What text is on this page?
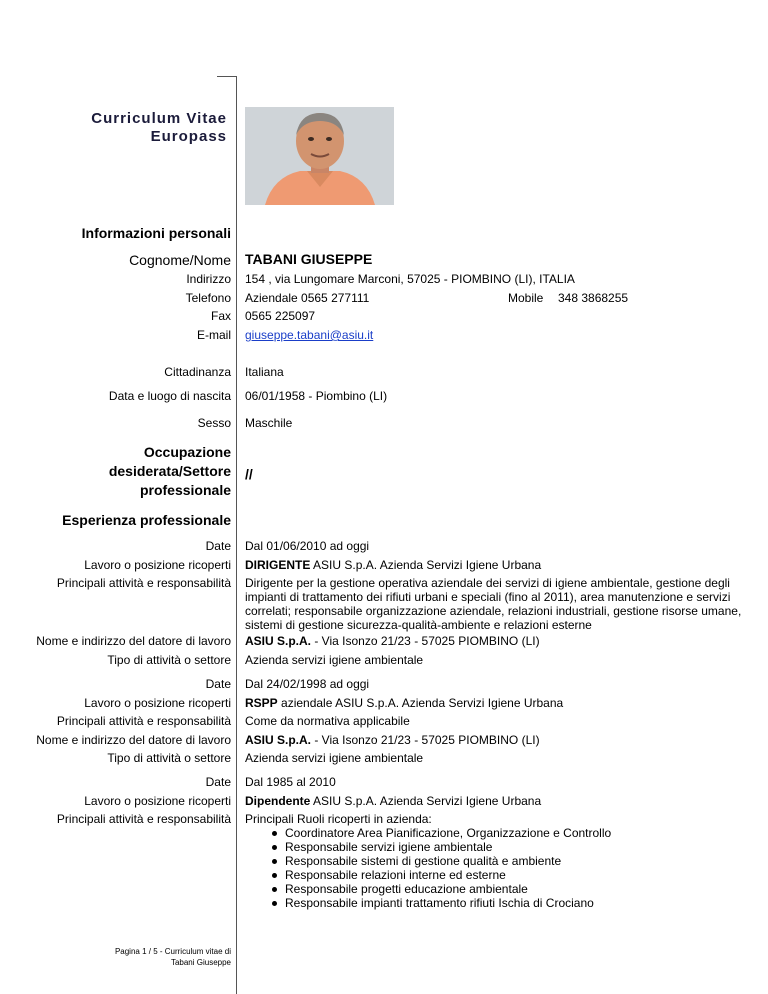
Curriculum Vitae
Europass
Informazioni personali
Cognome/Nome TABANI GIUSEPPE
Indirizzo 154 , via Lungomare Marconi, 57025 - PIOMBINO (LI), ITALIA
Telefono Aziendale 0565 277111	Mobile 348 3868255
Fax 0565 225097
E-mail giuseppe.tabani@asiu.it
Cittadinanza Italiana
Data e luogo di nascita 06/01/1958 - Piombino (LI)
Sesso Maschile
Occupazione
desiderata/Settore
professionale
//
Esperienza professionale
Date Dal 01/06/2010 ad oggi
Lavoro o posizione ricoperti DIRIGENTE ASIU S.p.A. Azienda Servizi Igiene Urbana
Principali attività e responsabilità Dirigente per la gestione operativa aziendale dei servizi di igiene ambientale, gestione degli impianti di trattamento dei rifiuti urbani e speciali (fino al 2011), area manutenzione e servizi correlati; responsabile organizzazione aziendale, relazioni industriali, gestione risorse umane, sistemi di gestione sicurezza-qualità-ambiente e relazioni esterne
Nome e indirizzo del datore di lavoro ASIU S.p.A. - Via Isonzo 21/23 - 57025 PIOMBINO (LI)
Tipo di attività o settore Azienda servizi igiene ambientale
Date Dal 24/02/1998 ad oggi
Lavoro o posizione ricoperti RSPP aziendale ASIU S.p.A. Azienda Servizi Igiene Urbana
Principali attività e responsabilità Come da normativa applicabile
Nome e indirizzo del datore di lavoro ASIU S.p.A. - Via Isonzo 21/23 - 57025 PIOMBINO (LI)
Tipo di attività o settore Azienda servizi igiene ambientale
Date Dal 1985 al 2010
Lavoro o posizione ricoperti Dipendente ASIU S.p.A. Azienda Servizi Igiene Urbana
Principali attività e responsabilità Principali Ruoli ricoperti in azienda:
Coordinatore Area Pianificazione, Organizzazione e Controllo
Responsabile servizi igiene ambientale
Responsabile sistemi di gestione qualità e ambiente
Responsabile relazioni interne ed esterne
Responsabile progetti educazione ambientale
Responsabile impianti trattamento rifiuti Ischia di Crociano
Pagina 1 / 5 - Curriculum vitae di
Tabani Giuseppe
